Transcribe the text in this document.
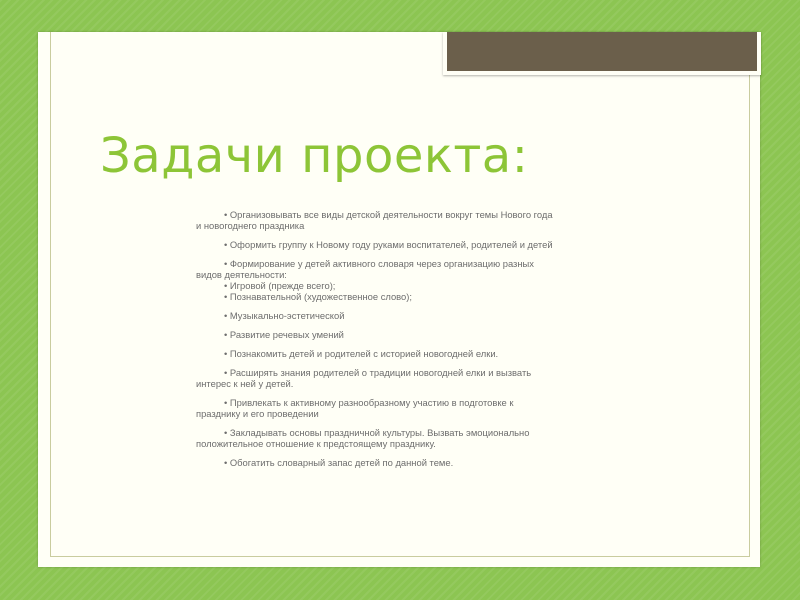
Задачи проекта:
• Организовывать все виды детской деятельности вокруг темы Нового года и новогоднего праздника
• Оформить группу к Новому году руками воспитателей, родителей и детей
• Формирование у детей активного словаря через организацию разных видов деятельности:
• Игровой (прежде всего);
• Познавательной (художественное слово);
• Музыкально-эстетической
• Развитие речевых умений
• Познакомить детей и родителей с историей новогодней елки.
• Расширять знания родителей о традиции новогодней елки и вызвать интерес к ней у детей.
• Привлекать к активному разнообразному участию в подготовке к празднику и его проведении
• Закладывать основы праздничной культуры. Вызвать эмоционально положительное отношение к предстоящему празднику.
• Обогатить словарный запас детей по данной теме.
